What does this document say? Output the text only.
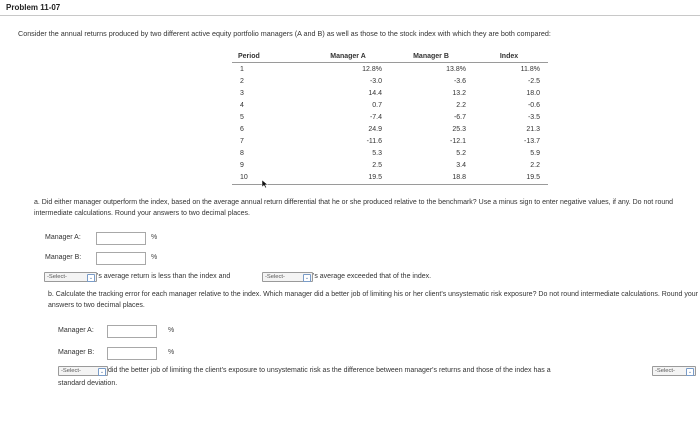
Problem 11-07
Consider the annual returns produced by two different active equity portfolio managers (A and B) as well as those to the stock index with which they are both compared:
Period	Manager A	Manager B	Index
1	12.8%	13.8%	11.8%
2	-3.0	-3.6	-2.5
3	14.4	13.2	18.0
4	0.7	2.2	-0.6
5	-7.4	-6.7	-3.5
6	24.9	25.3	21.3
7	-11.6	-12.1	-13.7
8	5.3	5.2	5.9
9	2.5	3.4	2.2
10	19.5	18.8	19.5
a. Did either manager outperform the index, based on the average annual return differential that he or she produced relative to the benchmark? Use a minus sign to enter negative values, if any. Do not round intermediate calculations. Round your answers to two decimal places.
Manager A:	%
Manager B:	%
-Select-	⌄ 's average return is less than the index and	-Select-	⌄ 's average exceeded that of the index.
b. Calculate the tracking error for each manager relative to the index. Which manager did a better job of limiting his or her client's unsystematic risk exposure? Do not round intermediate calculations. Round your answers to two decimal places.
Manager A:	%
Manager B:	%
-Select-	⌄ did the better job of limiting the client's exposure to unsystematic risk as the difference between manager's returns and those of the index has a	-Select-	⌄
standard deviation.
